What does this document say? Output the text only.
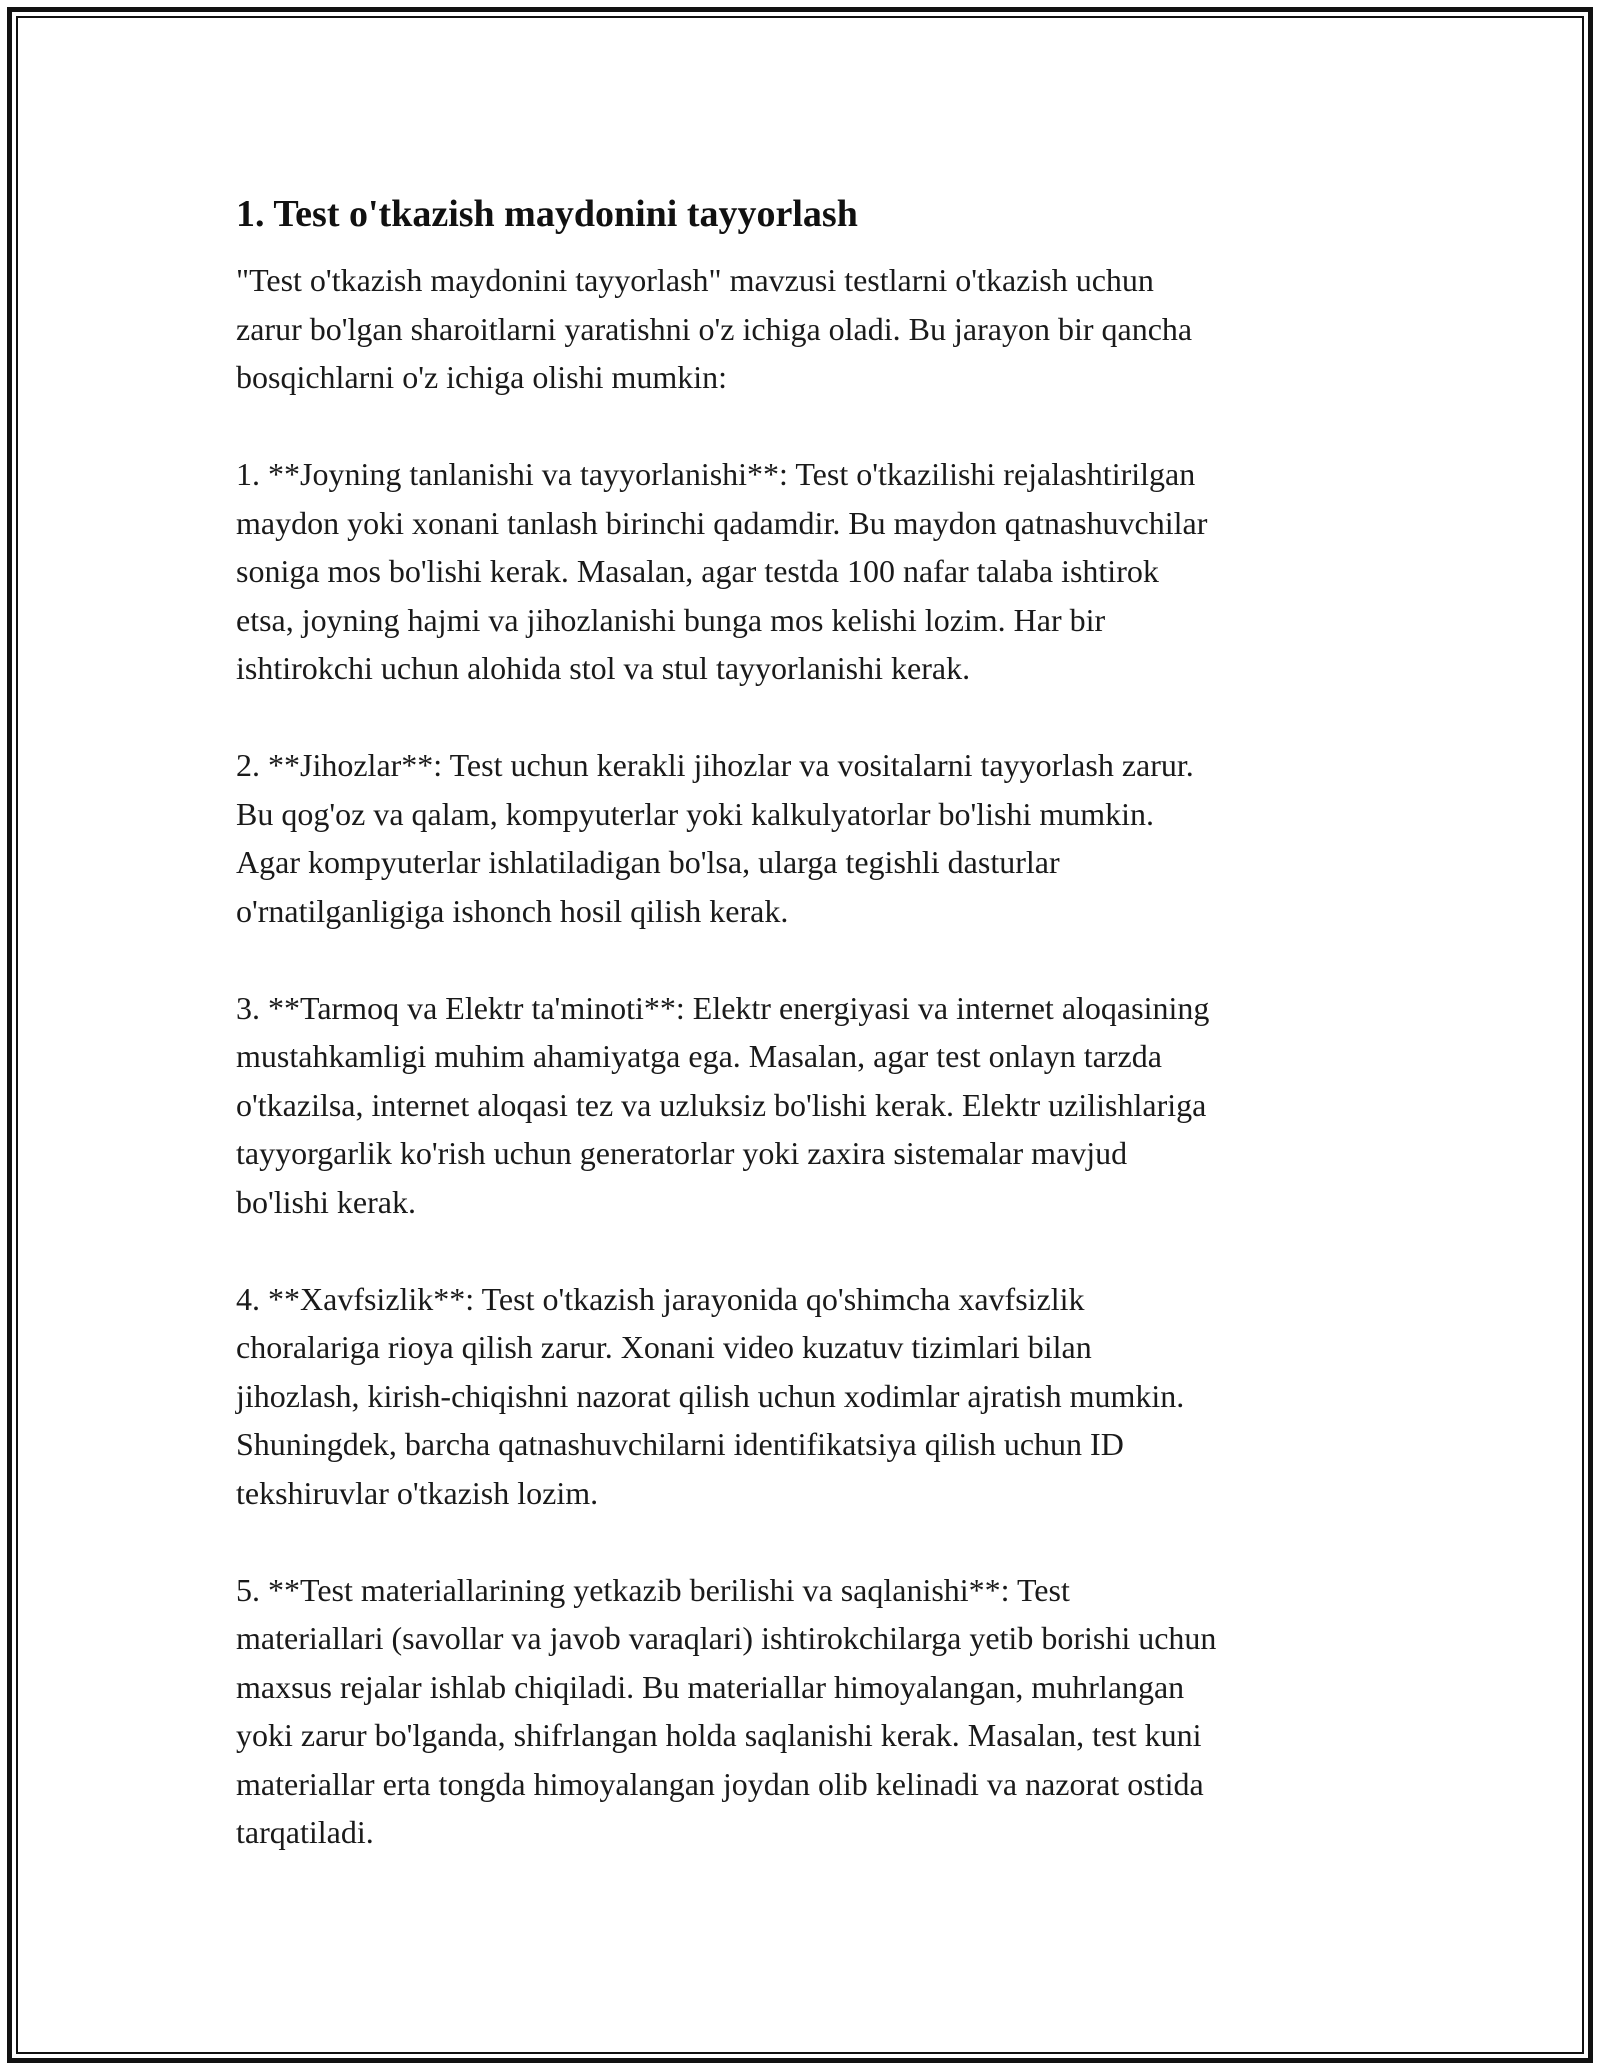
1. Test o'tkazish maydonini tayyorlash

"Test o'tkazish maydonini tayyorlash" mavzusi testlarni o'tkazish uchun
zarur bo'lgan sharoitlarni yaratishni o'z ichiga oladi. Bu jarayon bir qancha
bosqichlarni o'z ichiga olishi mumkin:

1. **Joyning tanlanishi va tayyorlanishi**: Test o'tkazilishi rejalashtirilgan
maydon yoki xonani tanlash birinchi qadamdir. Bu maydon qatnashuvchilar
soniga mos bo'lishi kerak. Masalan, agar testda 100 nafar talaba ishtirok
etsa, joyning hajmi va jihozlanishi bunga mos kelishi lozim. Har bir
ishtirokchi uchun alohida stol va stul tayyorlanishi kerak.

2. **Jihozlar**: Test uchun kerakli jihozlar va vositalarni tayyorlash zarur.
Bu qog'oz va qalam, kompyuterlar yoki kalkulyatorlar bo'lishi mumkin.
Agar kompyuterlar ishlatiladigan bo'lsa, ularga tegishli dasturlar
o'rnatilganligiga ishonch hosil qilish kerak.

3. **Tarmoq va Elektr ta'minoti**: Elektr energiyasi va internet aloqasining
mustahkamligi muhim ahamiyatga ega. Masalan, agar test onlayn tarzda
o'tkazilsa, internet aloqasi tez va uzluksiz bo'lishi kerak. Elektr uzilishlariga
tayyorgarlik ko'rish uchun generatorlar yoki zaxira sistemalar mavjud
bo'lishi kerak.

4. **Xavfsizlik**: Test o'tkazish jarayonida qo'shimcha xavfsizlik
choralariga rioya qilish zarur. Xonani video kuzatuv tizimlari bilan
jihozlash, kirish-chiqishni nazorat qilish uchun xodimlar ajratish mumkin.
Shuningdek, barcha qatnashuvchilarni identifikatsiya qilish uchun ID
tekshiruvlar o'tkazish lozim.

5. **Test materiallarining yetkazib berilishi va saqlanishi**: Test
materiallari (savollar va javob varaqlari) ishtirokchilarga yetib borishi uchun
maxsus rejalar ishlab chiqiladi. Bu materiallar himoyalangan, muhrlangan
yoki zarur bo'lganda, shifrlangan holda saqlanishi kerak. Masalan, test kuni
materiallar erta tongda himoyalangan joydan olib kelinadi va nazorat ostida
tarqatiladi.
